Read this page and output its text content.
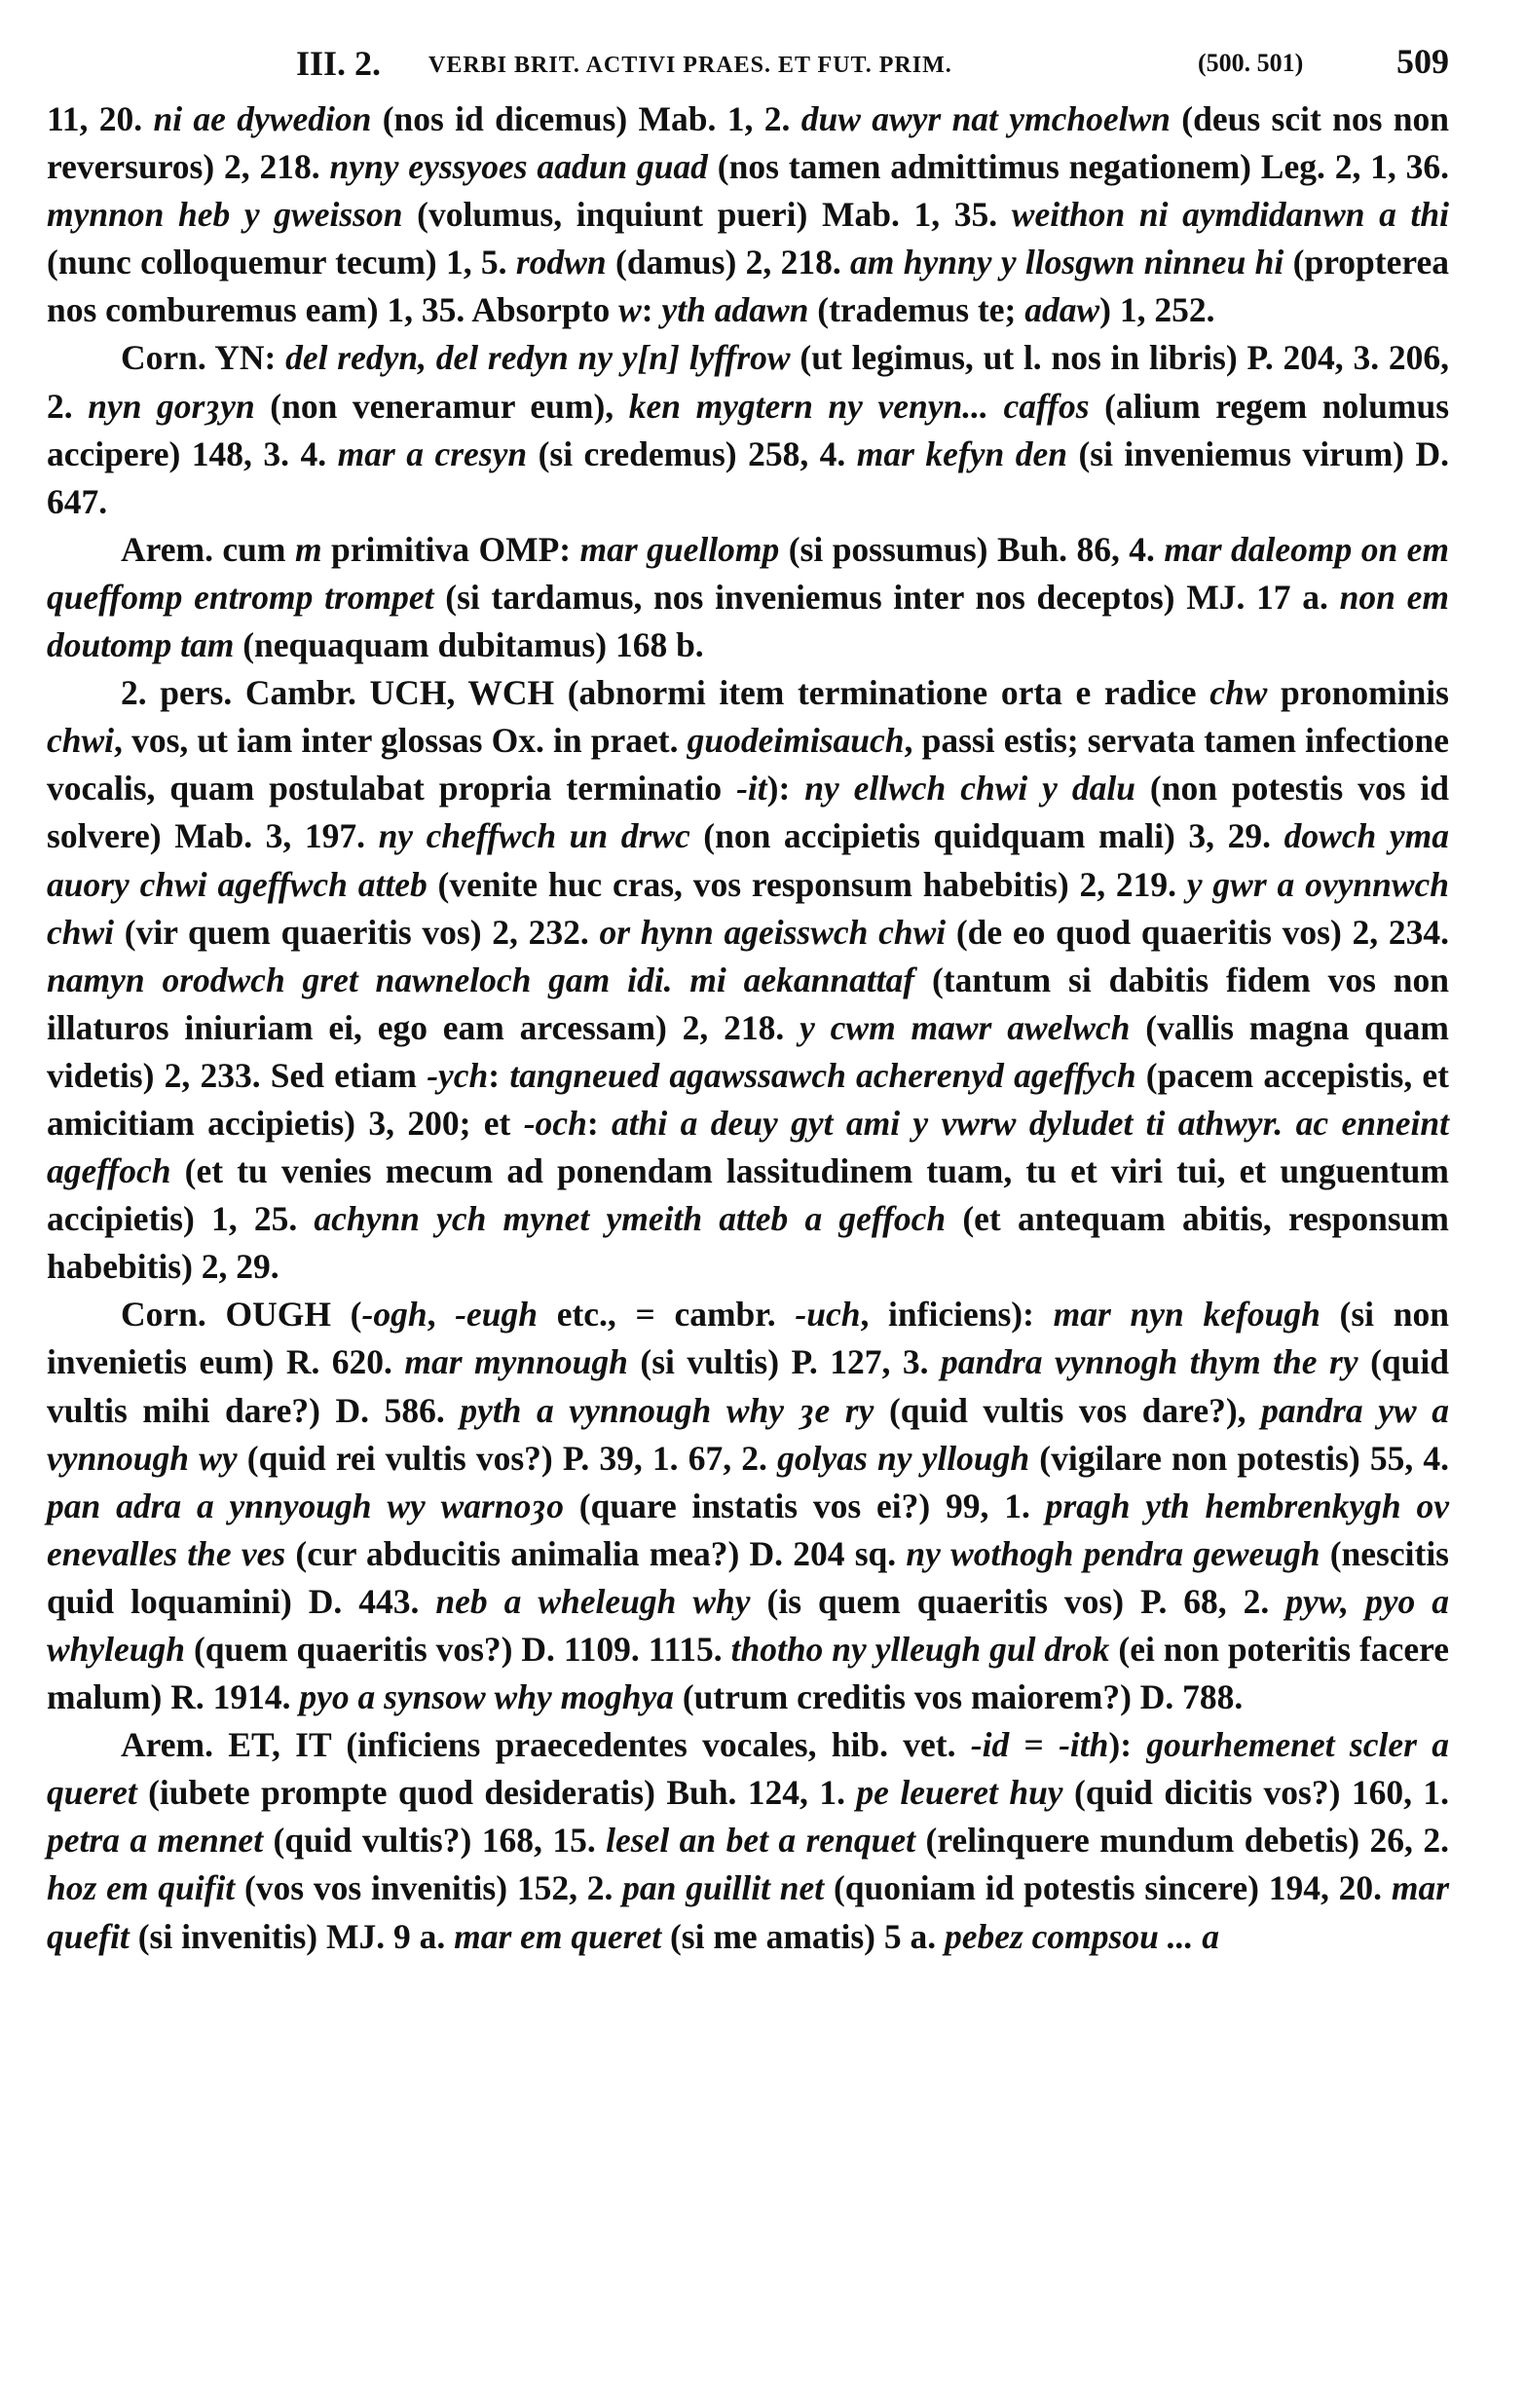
III. 2. VERBI BRIT. ACTIVI PRAES. ET FUT. PRIM.	(500. 501)	509

11, 20. ni ae dywedion (nos id dicemus) Mab. 1, 2. duw awyr nat ymchoelwn (deus scit nos non reversuros) 2, 218. nyny eyssyoes aadun guad (nos tamen admittimus negationem) Leg. 2, 1, 36. mynnon heb y gweisson (volumus, inquiunt pueri) Mab. 1, 35. weithon ni aymdidanwn a thi (nunc colloquemur tecum) 1, 5. rodwn (damus) 2, 218. am hynny y llosgwn ninneu hi (propterea nos comburemus eam) 1, 35. Absorpto w: yth adawn (trademus te; adaw) 1, 252.

Corn. YN: del redyn, del redyn ny y[n] lyffrow (ut legimus, ut l. nos in libris) P. 204, 3. 206, 2. nyn gorȝyn (non veneramur eum), ken mygtern ny venyn... caffos (alium regem nolumus accipere) 148, 3. 4. mar a cresyn (si credemus) 258, 4. mar kefyn den (si inveniemus virum) D. 647.

Arem. cum m primitiva OMP: mar guellomp (si possumus) Buh. 86, 4. mar daleomp on em queffomp entromp trompet (si tardamus, nos inveniemus inter nos deceptos) MJ. 17 a. non em doutomp tam (nequaquam dubitamus) 168 b.

2. pers. Cambr. UCH, WCH (abnormi item terminatione orta e radice chw pronominis chwi, vos, ut iam inter glossas Ox. in praet. guodeimisauch, passi estis; servata tamen infectione vocalis, quam postulabat propria terminatio -it): ny ellwch chwi y dalu (non potestis vos id solvere) Mab. 3, 197. ny cheffwch un drwc (non accipietis quidquam mali) 3, 29. dowch yma auory chwi ageffwch atteb (venite huc cras, vos responsum habebitis) 2, 219. y gwr a ovynnwch chwi (vir quem quaeritis vos) 2, 232. or hynn ageisswch chwi (de eo quod quaeritis vos) 2, 234. namyn orodwch gret nawneloch gam idi. mi aekannattaf (tantum si dabitis fidem vos non illaturos iniuriam ei, ego eam arcessam) 2, 218. y cwm mawr awelwch (vallis magna quam videtis) 2, 233. Sed etiam -ych: tangneued agawssawch acherenyd ageffych (pacem accepistis, et amicitiam accipietis) 3, 200; et -och: athi a deuy gyt ami y vwrw dyludet ti athwyr. ac enneint ageffoch (et tu venies mecum ad ponendam lassitudinem tuam, tu et viri tui, et unguentum accipietis) 1, 25. achynn ych mynet ymeith atteb a geffoch (et antequam abitis, responsum habebitis) 2, 29.

Corn. OUGH (-ogh, -eugh etc., = cambr. -uch, inficiens): mar nyn kefough (si non invenietis eum) R. 620. mar mynnough (si vultis) P. 127, 3. pandra vynnogh thym the ry (quid vultis mihi dare?) D. 586. pyth a vynnough why ȝe ry (quid vultis vos dare?), pandra yw a vynnough wy (quid rei vultis vos?) P. 39, 1. 67, 2. golyas ny yllough (vigilare non potestis) 55, 4. pan adra a ynnyough wy warnoȝo (quare instatis vos ei?) 99, 1. pragh yth hembrenkygh ov enevalles the ves (cur abducitis animalia mea?) D. 204 sq. ny wothogh pendra geweugh (nescitis quid loquamini) D. 443. neb a wheleugh why (is quem quaeritis vos) P. 68, 2. pyw, pyo a whyleugh (quem quaeritis vos?) D. 1109. 1115. thotho ny ylleugh gul drok (ei non poteritis facere malum) R. 1914. pyo a synsow why moghya (utrum creditis vos maiorem?) D. 788.

Arem. ET, IT (inficiens praecedentes vocales, hib. vet. -id = -ith): gourhemenet scler a queret (iubete prompte quod desideratis) Buh. 124, 1. pe leueret huy (quid dicitis vos?) 160, 1. petra a mennet (quid vultis?) 168, 15. lesel an bet a renquet (relinquere mundum debetis) 26, 2. hoz em quifit (vos vos invenitis) 152, 2. pan guillit net (quoniam id potestis sincere) 194, 20. mar quefit (si invenitis) MJ. 9 a. mar em queret (si me amatis) 5 a. pebez compsou ... a
